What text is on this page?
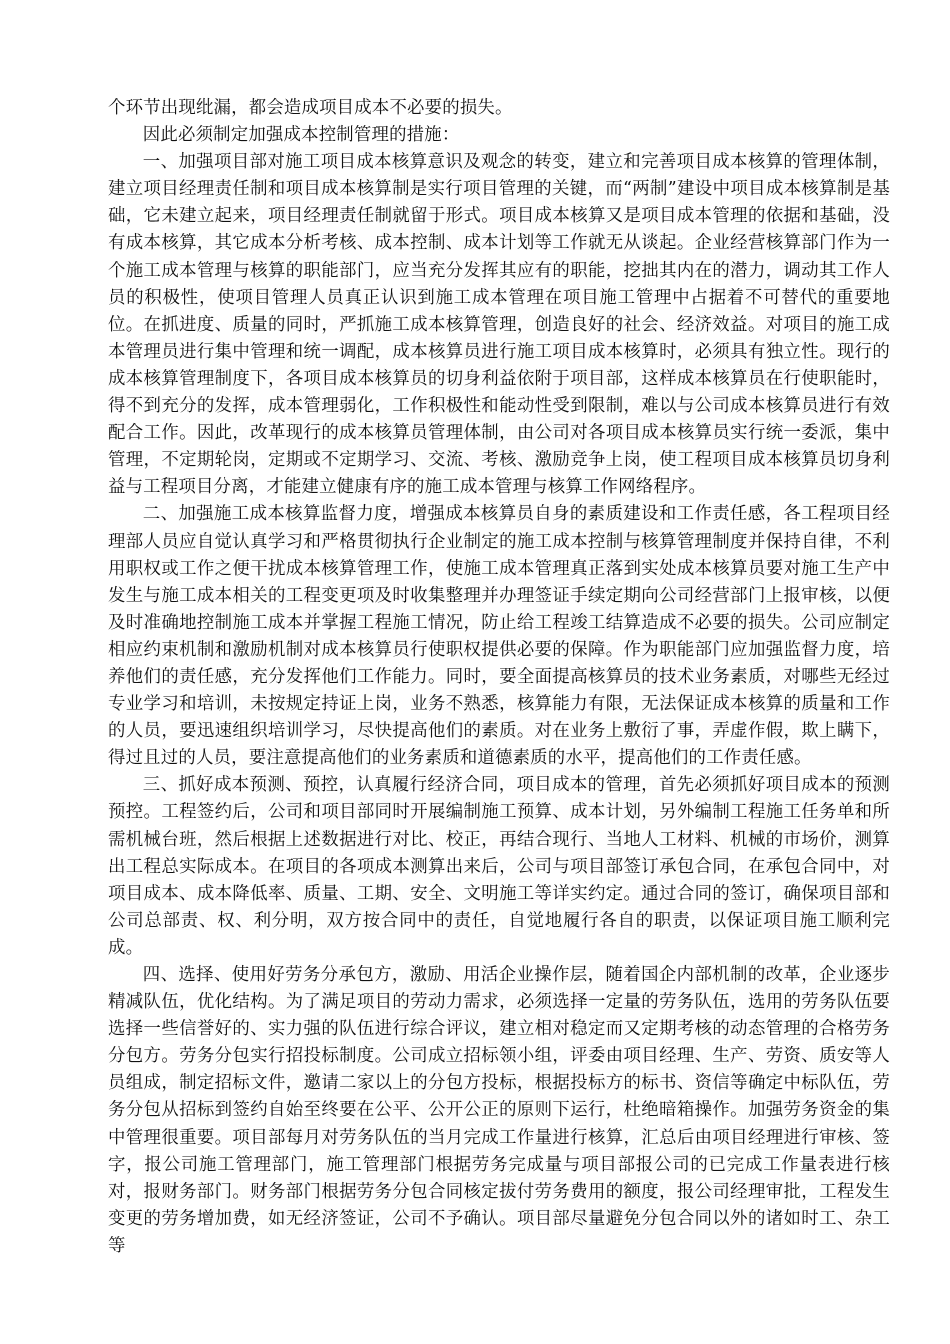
个环节出现纰漏，都会造成项目成本不必要的损失。

因此必须制定加强成本控制管理的措施：

一、加强项目部对施工项目成本核算意识及观念的转变，建立和完善项目成本核算的管理体制，建立项目经理责任制和项目成本核算制是实行项目管理的关键，而“两制”建设中项目成本核算制是基础，它未建立起来，项目经理责任制就留于形式。项目成本核算又是项目成本管理的依据和基础，没有成本核算，其它成本分析考核、成本控制、成本计划等工作就无从谈起。企业经营核算部门作为一个施工成本管理与核算的职能部门，应当充分发挥其应有的职能，挖拙其内在的潜力，调动其工作人员的积极性，使项目管理人员真正认识到施工成本管理在项目施工管理中占据着不可替代的重要地位。在抓进度、质量的同时，严抓施工成本核算管理，创造良好的社会、经济效益。对项目的施工成本管理员进行集中管理和统一调配，成本核算员进行施工项目成本核算时，必须具有独立性。现行的成本核算管理制度下，各项目成本核算员的切身利益依附于项目部，这样成本核算员在行使职能时，得不到充分的发挥，成本管理弱化，工作积极性和能动性受到限制，难以与公司成本核算员进行有效配合工作。因此，改革现行的成本核算员管理体制，由公司对各项目成本核算员实行统一委派，集中管理，不定期轮岗，定期或不定期学习、交流、考核、激励竞争上岗，使工程项目成本核算员切身利益与工程项目分离，才能建立健康有序的施工成本管理与核算工作网络程序。

二、加强施工成本核算监督力度，增强成本核算员自身的素质建设和工作责任感，各工程项目经理部人员应自觉认真学习和严格贯彻执行企业制定的施工成本控制与核算管理制度并保持自律，不利用职权或工作之便干扰成本核算管理工作，使施工成本管理真正落到实处成本核算员要对施工生产中发生与施工成本相关的工程变更项及时收集整理并办理签证手续定期向公司经营部门上报审核，以便及时准确地控制施工成本并掌握工程施工情况，防止给工程竣工结算造成不必要的损失。公司应制定相应约束机制和激励机制对成本核算员行使职权提供必要的保障。作为职能部门应加强监督力度，培养他们的责任感，充分发挥他们工作能力。同时，要全面提高核算员的技术业务素质，对哪些无经过专业学习和培训，未按规定持证上岗，业务不熟悉，核算能力有限，无法保证成本核算的质量和工作的人员，要迅速组织培训学习，尽快提高他们的素质。对在业务上敷衍了事，弄虚作假，欺上瞒下，得过且过的人员，要注意提高他们的业务素质和道德素质的水平，提高他们的工作责任感。

三、抓好成本预测、预控，认真履行经济合同，项目成本的管理，首先必须抓好项目成本的预测预控。工程签约后，公司和项目部同时开展编制施工预算、成本计划，另外编制工程施工任务单和所需机械台班，然后根据上述数据进行对比、校正，再结合现行、当地人工材料、机械的市场价，测算出工程总实际成本。在项目的各项成本测算出来后，公司与项目部签订承包合同，在承包合同中，对项目成本、成本降低率、质量、工期、安全、文明施工等详实约定。通过合同的签订，确保项目部和公司总部责、权、利分明，双方按合同中的责任，自觉地履行各自的职责，以保证项目施工顺利完成。

四、选择、使用好劳务分承包方，激励、用活企业操作层，随着国企内部机制的改革，企业逐步精减队伍，优化结构。为了满足项目的劳动力需求，必须选择一定量的劳务队伍，选用的劳务队伍要选择一些信誉好的、实力强的队伍进行综合评议，建立相对稳定而又定期考核的动态管理的合格劳务分包方。劳务分包实行招投标制度。公司成立招标领小组，评委由项目经理、生产、劳资、质安等人员组成，制定招标文件，邀请二家以上的分包方投标，根据投标方的标书、资信等确定中标队伍，劳务分包从招标到签约自始至终要在公平、公开公正的原则下运行，杜绝暗箱操作。加强劳务资金的集中管理很重要。项目部每月对劳务队伍的当月完成工作量进行核算，汇总后由项目经理进行审核、签字，报公司施工管理部门，施工管理部门根据劳务完成量与项目部报公司的已完成工作量表进行核对，报财务部门。财务部门根据劳务分包合同核定拔付劳务费用的额度，报公司经理审批，工程发生变更的劳务增加费，如无经济签证，公司不予确认。项目部尽量避免分包合同以外的诸如时工、杂工等
